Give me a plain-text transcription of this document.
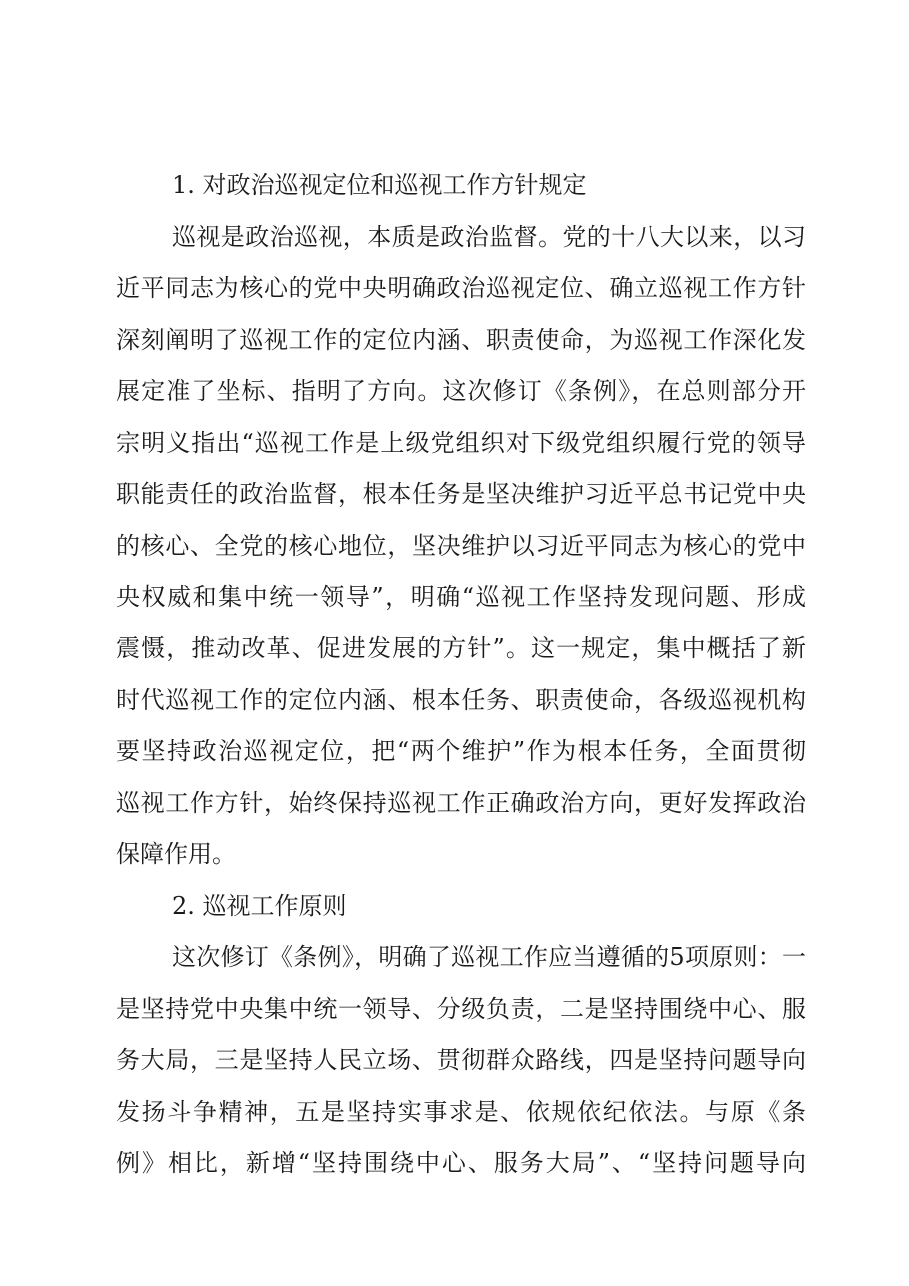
1. 对政治巡视定位和巡视工作方针规定
巡视是政治巡视，本质是政治监督。党的十八大以来，以习
近平同志为核心的党中央明确政治巡视定位、确立巡视工作方针
深刻阐明了巡视工作的定位内涵、职责使命，为巡视工作深化发
展定准了坐标、指明了方向。这次修订《条例》，在总则部分开
宗明义指出“巡视工作是上级党组织对下级党组织履行党的领导
职能责任的政治监督，根本任务是坚决维护习近平总书记党中央
的核心、全党的核心地位，坚决维护以习近平同志为核心的党中
央权威和集中统一领导”，明确“巡视工作坚持发现问题、形成
震慑，推动改革、促进发展的方针”。这一规定，集中概括了新
时代巡视工作的定位内涵、根本任务、职责使命，各级巡视机构
要坚持政治巡视定位，把“两个维护”作为根本任务，全面贯彻
巡视工作方针，始终保持巡视工作正确政治方向，更好发挥政治
保障作用。
2. 巡视工作原则
这次修订《条例》，明确了巡视工作应当遵循的5项原则：一
是坚持党中央集中统一领导、分级负责，二是坚持围绕中心、服
务大局，三是坚持人民立场、贯彻群众路线，四是坚持问题导向
发扬斗争精神，五是坚持实事求是、依规依纪依法。与原《条
例》相比，新增“坚持围绕中心、服务大局”、“坚持问题导向
